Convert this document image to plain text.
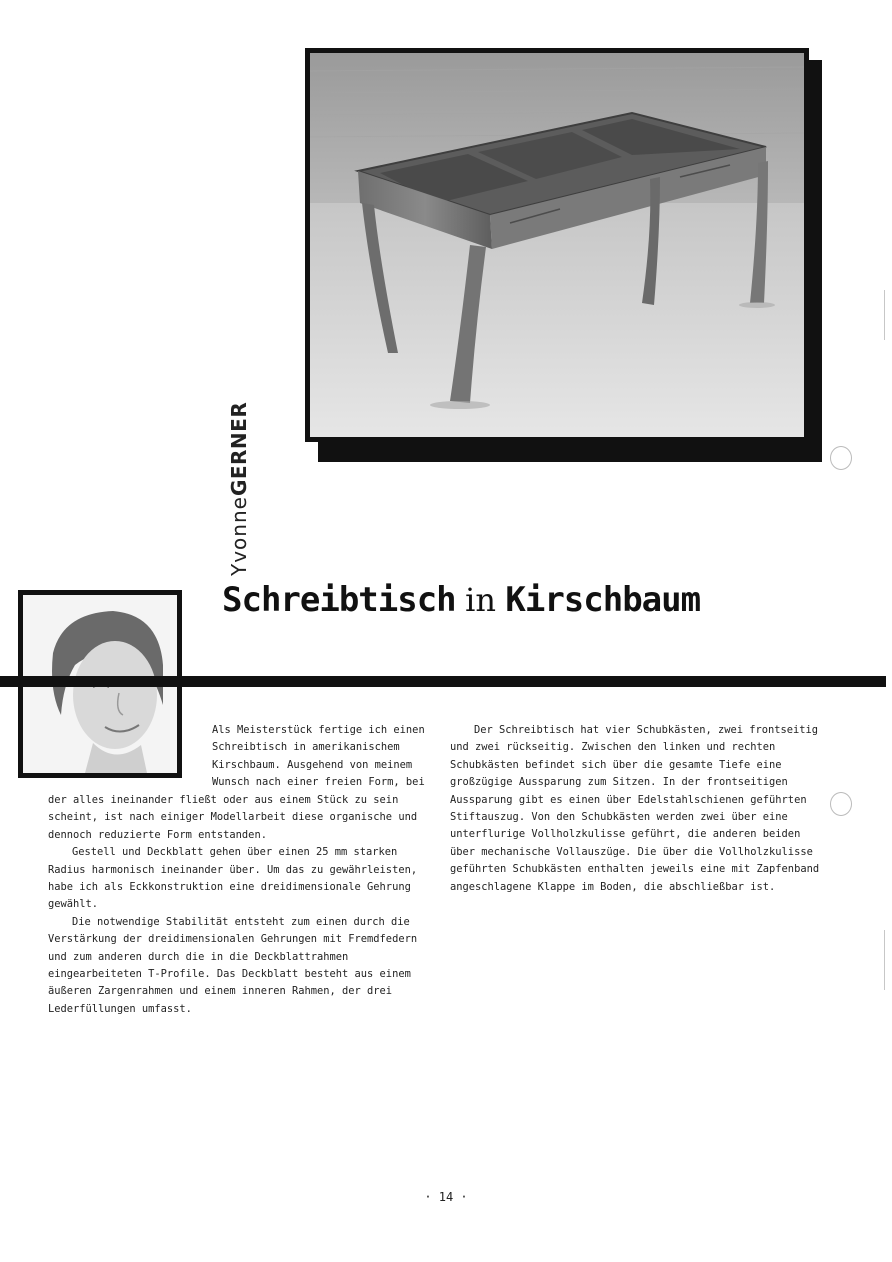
YvonneGERNER
Schreibtisch in Kirschbaum

Als Meisterstück fertige ich einen Schreibtisch in amerikanischem Kirschbaum. Ausgehend von meinem Wunsch nach einer freien Form, bei

der alles ineinander fließt oder aus einem Stück zu sein scheint, ist nach einiger Modellarbeit diese organische und dennoch reduzierte Form entstanden.

Gestell und Deckblatt gehen über einen 25 mm starken Radius harmonisch ineinander über. Um das zu gewährleisten, habe ich als Eckkonstruktion eine dreidimensionale Gehrung gewählt.

Die notwendige Stabilität entsteht zum einen durch die Verstärkung der dreidimensionalen Gehrungen mit Fremdfedern und zum anderen durch die in die Deckblattrahmen eingearbeiteten T-Profile. Das Deckblatt besteht aus einem äußeren Zargenrahmen und einem inneren Rahmen, der drei Lederfüllungen umfasst.

Der Schreibtisch hat vier Schubkästen, zwei frontseitig und zwei rückseitig. Zwischen den linken und rechten Schubkästen befindet sich über die gesamte Tiefe eine großzügige Aussparung zum Sitzen. In der frontseitigen Aussparung gibt es einen über Edelstahlschienen geführten Stiftauszug. Von den Schubkästen werden zwei über eine unterflurige Vollholzkulisse geführt, die anderen beiden über mechanische Vollauszüge. Die über die Vollholzkulisse geführten Schubkästen enthalten jeweils eine mit Zapfenband angeschlagene Klappe im Boden, die abschließbar ist.

· 14 ·
